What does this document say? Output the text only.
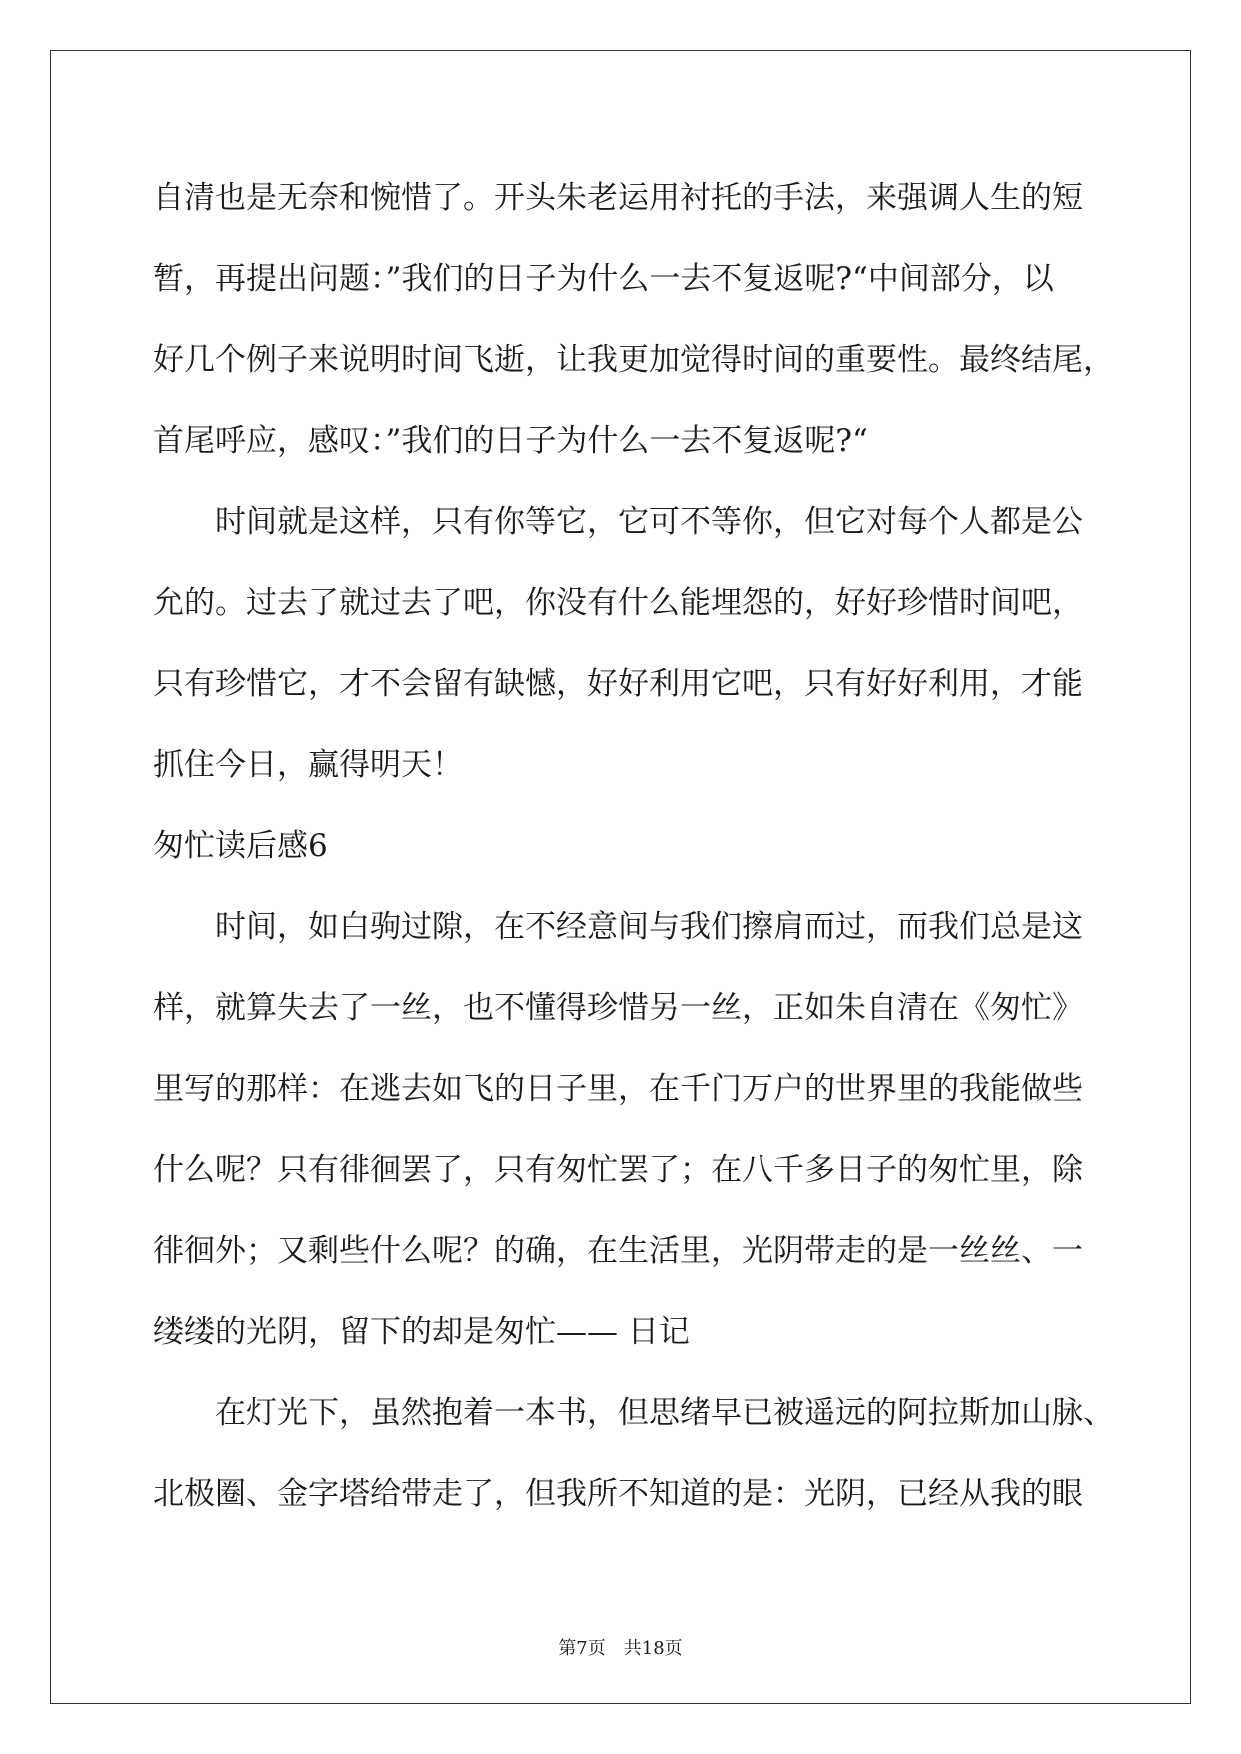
自清也是无奈和惋惜了。开头朱老运用衬托的手法，来强调人生的短
暂，再提出问题：”我们的日子为什么一去不复返呢?“中间部分，以
好几个例子来说明时间飞逝，让我更加觉得时间的重要性。最终结尾，
首尾呼应，感叹：”我们的日子为什么一去不复返呢?“
时间就是这样，只有你等它，它可不等你，但它对每个人都是公
允的。过去了就过去了吧，你没有什么能埋怨的，好好珍惜时间吧，
只有珍惜它，才不会留有缺憾，好好利用它吧，只有好好利用，才能
抓住今日，赢得明天！
匆忙读后感6
时间，如白驹过隙，在不经意间与我们擦肩而过，而我们总是这
样，就算失去了一丝，也不懂得珍惜另一丝，正如朱自清在《匆忙》
里写的那样：在逃去如飞的日子里，在千门万户的世界里的我能做些
什么呢？只有徘徊罢了，只有匆忙罢了；在八千多日子的匆忙里，除
徘徊外；又剩些什么呢？的确，在生活里，光阴带走的是一丝丝、一
缕缕的光阴，留下的却是匆忙—— 日记
在灯光下，虽然抱着一本书，但思绪早已被遥远的阿拉斯加山脉、
北极圈、金字塔给带走了，但我所不知道的是：光阴，已经从我的眼
第7页　共18页
